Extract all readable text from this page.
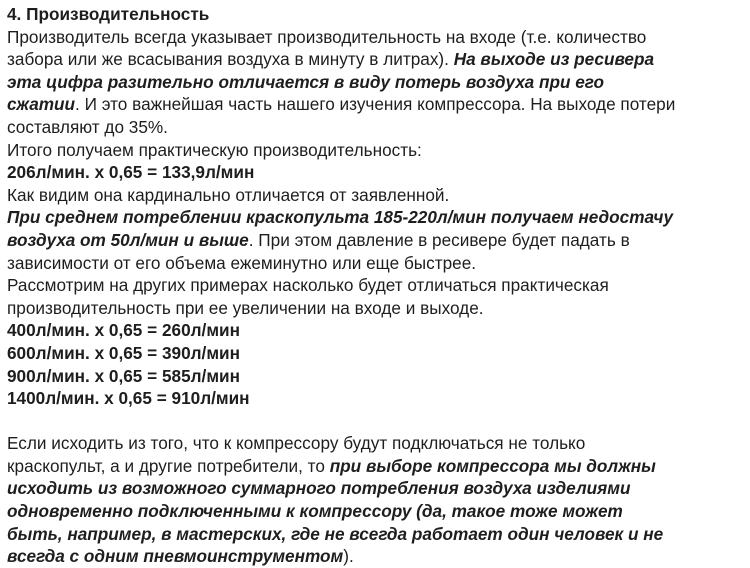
4. Производительность
Производитель всегда указывает производительность на входе (т.е. количество
забора или же всасывания воздуха в минуту в литрах). На выходе из ресивера
эта цифра разительно отличается в виду потерь воздуха при его
сжатии. И это важнейшая часть нашего изучения компрессора. На выходе потери
составляют до 35%.
Итого получаем практическую производительность:
206л/мин. х 0,65 = 133,9л/мин
Как видим она кардинально отличается от заявленной.
При среднем потреблении краскопульта 185-220л/мин получаем недостачу
воздуха от 50л/мин и выше. При этом давление в ресивере будет падать в
зависимости от его объема ежеминутно или еще быстрее.
Рассмотрим на других примерах насколько будет отличаться практическая
производительность при ее увеличении на входе и выходе.
400л/мин. х 0,65 = 260л/мин
600л/мин. х 0,65 = 390л/мин
900л/мин. х 0,65 = 585л/мин
1400л/мин. х 0,65 = 910л/мин
Если исходить из того, что к компрессору будут подключаться не только
краскопульт, а и другие потребители, то при выборе компрессора мы должны
исходить из возможного суммарного потребления воздуха изделиями
одновременно подключенными к компрессору (да, такое тоже может
быть, например, в мастерских, где не всегда работает один человек и не
всегда с одним пневмоинструментом).
